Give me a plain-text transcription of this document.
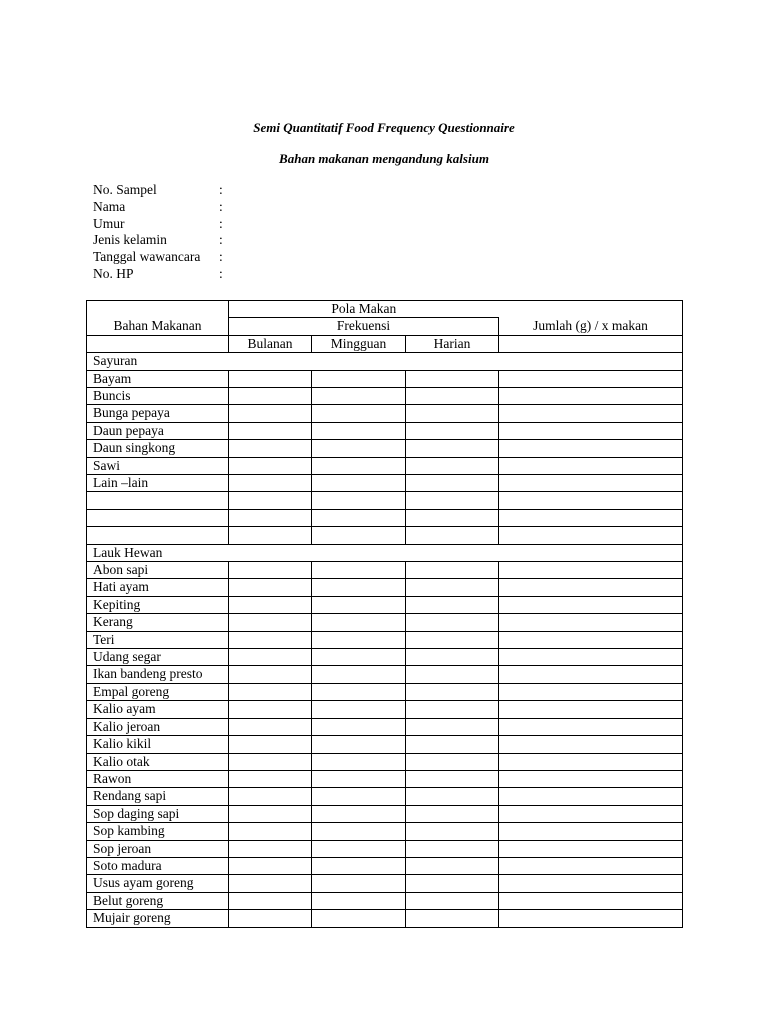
Semi Quantitatif Food Frequency Questionnaire
Bahan makanan mengandung kalsium
No. Sampel	:
Nama	:
Umur	:
Jenis kelamin	:
Tanggal wawancara	:
No. HP	:
	Pola Makan			
Bahan Makanan	Frekuensi			Jumlah (g) / x makan
	Bulanan	Mingguan	Harian	
Sayuran				
Bayam				
Buncis				
Bunga pepaya				
Daun pepaya				
Daun singkong				
Sawi				
Lain –lain				

Lauk Hewan				
Abon sapi				
Hati ayam				
Kepiting				
Kerang				
Teri				
Udang segar				
Ikan bandeng presto				
Empal goreng				
Kalio ayam				
Kalio jeroan				
Kalio kikil				
Kalio otak				
Rawon				
Rendang sapi				
Sop daging sapi				
Sop kambing				
Sop jeroan				
Soto madura				
Usus ayam goreng				
Belut goreng				
Mujair goreng				
